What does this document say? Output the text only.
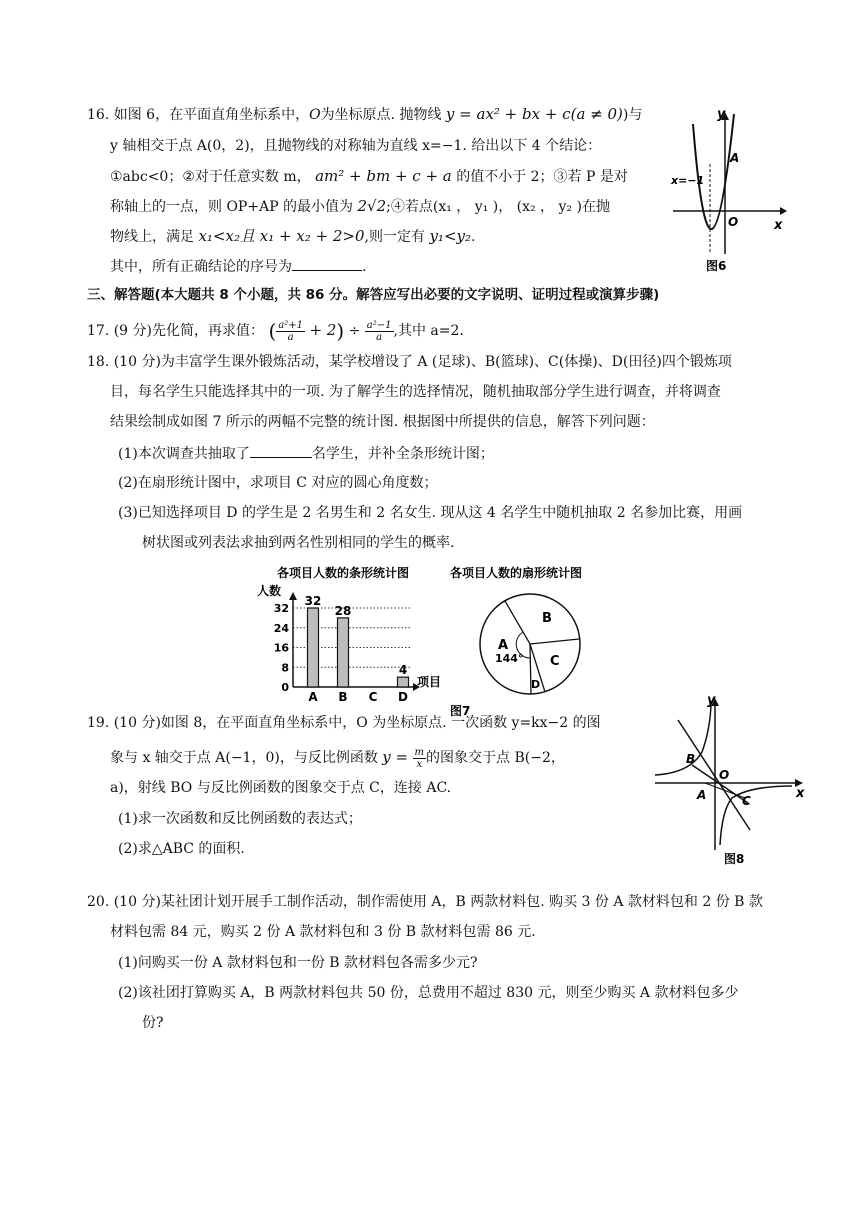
16. 如图 6，在平面直角坐标系中，O为坐标原点. 抛物线 y = ax² + bx + c(a ≠ 0))与
y 轴相交于点 A(0，2)，且抛物线的对称轴为直线 x=−1. 给出以下 4 个结论：
①abc<0；②对于任意实数 m， am² + bm + c + a 的值不小于 2；③若 P 是对
称轴上的一点，则 OP+AP 的最小值为 2√2;④若点(x₁ ， y₁ )， (x₂ ， y₂ )在抛
物线上，满足 x₁<x₂且 x₁ + x₂ + 2>0,则一定有 y₁<y₂.
其中，所有正确结论的序号为	.
y
x
A
O
x=−1
图6
三、解答题(本大题共 8 个小题，共 86 分。解答应写出必要的文字说明、证明过程或演算步骤)
17. (9 分)先化简，再求值： ( $\frac{\text{a²+1}}{a} + 2) \div \frac{\text{a²−1}}{a}$ ,其中 a=2.
18. (10 分)为丰富学生课外锻炼活动，某学校增设了 A (足球)、B(篮球)、C(体操)、D(田径)四个锻炼项
目，每名学生只能选择其中的一项. 为了解学生的选择情况，随机抽取部分学生进行调查，并将调查
结果绘制成如图 7 所示的两幅不完整的统计图. 根据图中所提供的信息，解答下列问题：
(1)本次调查共抽取了	名学生，并补全条形统计图；
(2)在扇形统计图中，求项目 C 对应的圆心角度数；
(3)已知选择项目 D 的学生是 2 名男生和 2 名女生. 现从这 4 名学生中随机抽取 2 名参加比赛，用画
树状图或列表法求抽到两名性别相同的学生的概率.
各项目人数的条形统计图
人数
0
8
16
24
32
32
A
28
B C
4
D
项目
各项目人数的扇形统计图
A
B
C
D
144°
图7
19. (10 分)如图 8，在平面直角坐标系中，O 为坐标原点. 一次函数 y=kx−2 的图
象与 x 轴交于点 A(−1，0)，与反比例函数 $y = \frac{m}{x}$ 的图象交于点 B(−2，
a)，射线 BO 与反比例函数的图象交于点 C，连接 AC.
(1)求一次函数和反比例函数的表达式；
(2)求△ABC 的面积.
y
x
B
O
A	C
图8
20. (10 分)某社团计划开展手工制作活动，制作需使用 A，B 两款材料包. 购买 3 份 A 款材料包和 2 份 B 款
材料包需 84 元，购买 2 份 A 款材料包和 3 份 B 款材料包需 86 元.
(1)问购买一份 A 款材料包和一份 B 款材料包各需多少元?
(2)该社团打算购买 A，B 两款材料包共 50 份，总费用不超过 830 元，则至少购买 A 款材料包多少
份?
